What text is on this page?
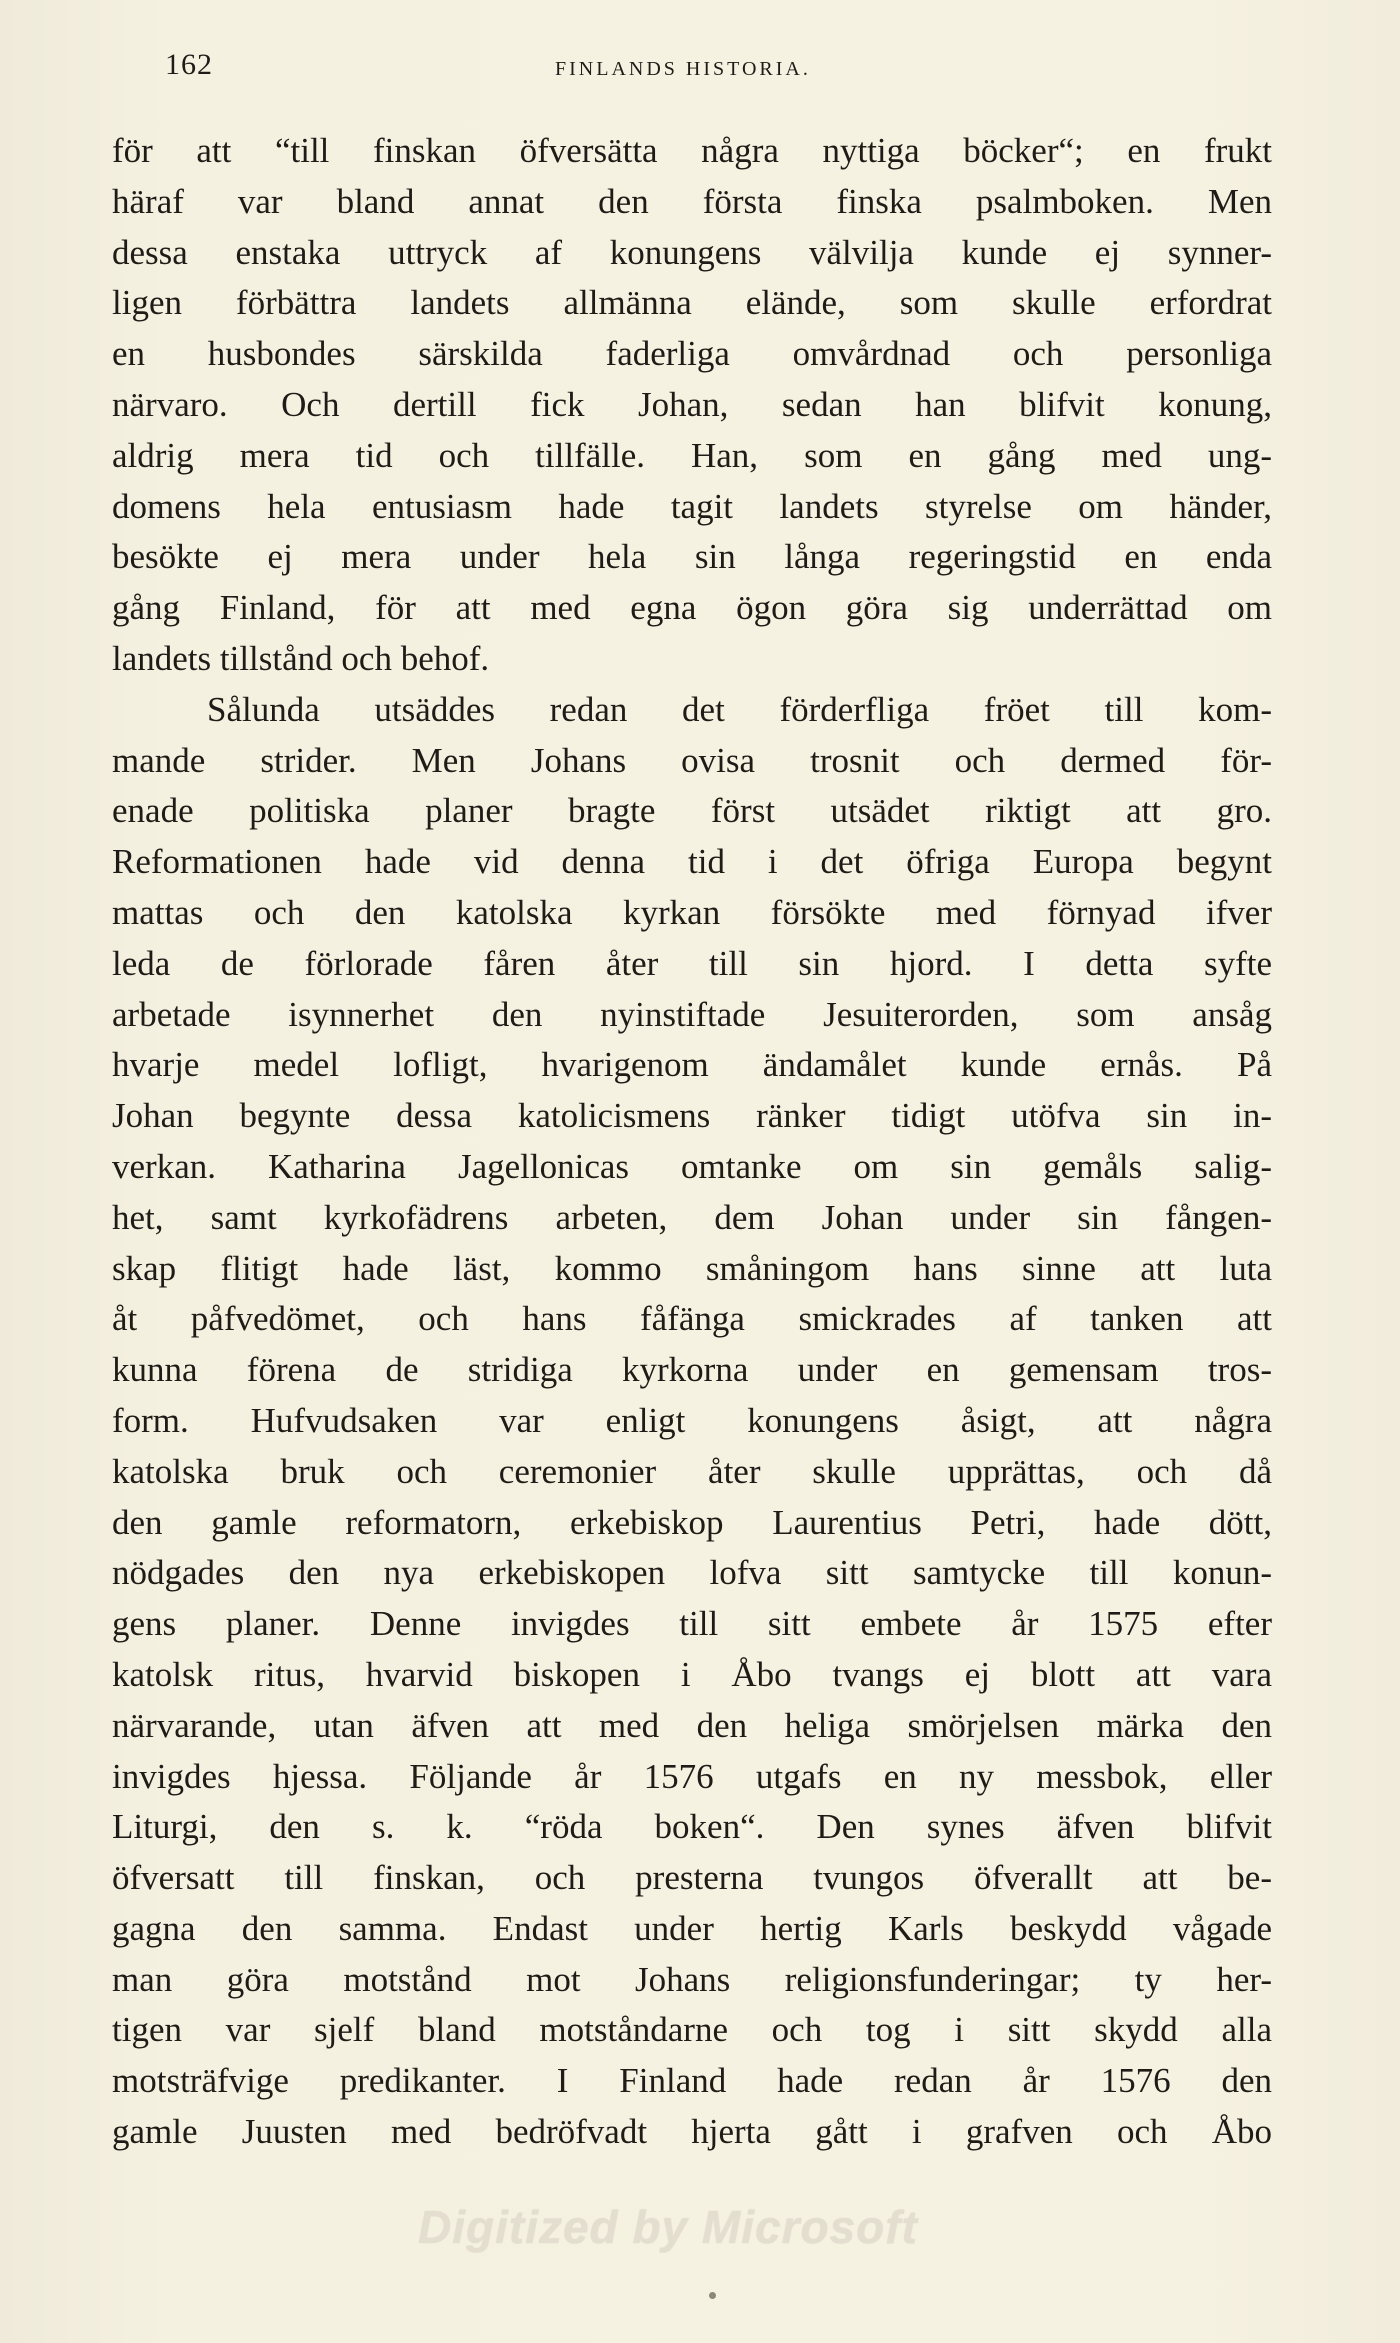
162	FINLANDS HISTORIA.
för att “till finskan öfversätta några nyttiga böcker“; en frukt
häraf var bland annat den första finska psalmboken. Men
dessa enstaka uttryck af konungens välvilja kunde ej synner-
ligen förbättra landets allmänna elände, som skulle erfordrat
en husbondes särskilda faderliga omvårdnad och personliga
närvaro. Och dertill fick Johan, sedan han blifvit konung,
aldrig mera tid och tillfälle. Han, som en gång med ung-
domens hela entusiasm hade tagit landets styrelse om händer,
besökte ej mera under hela sin långa regeringstid en enda
gång Finland, för att med egna ögon göra sig underrättad om
landets tillstånd och behof.
Sålunda utsäddes redan det förderfliga fröet till kom-
mande strider. Men Johans ovisa trosnit och dermed för-
enade politiska planer bragte först utsädet riktigt att gro.
Reformationen hade vid denna tid i det öfriga Europa begynt
mattas och den katolska kyrkan försökte med förnyad ifver
leda de förlorade fåren åter till sin hjord. I detta syfte
arbetade isynnerhet den nyinstiftade Jesuiterorden, som ansåg
hvarje medel lofligt, hvarigenom ändamålet kunde ernås. På
Johan begynte dessa katolicismens ränker tidigt utöfva sin in-
verkan. Katharina Jagellonicas omtanke om sin gemåls salig-
het, samt kyrkofädrens arbeten, dem Johan under sin fången-
skap flitigt hade läst, kommo småningom hans sinne att luta
åt påfvedömet, och hans fåfänga smickrades af tanken att
kunna förena de stridiga kyrkorna under en gemensam tros-
form. Hufvudsaken var enligt konungens åsigt, att några
katolska bruk och ceremonier åter skulle upprättas, och då
den gamle reformatorn, erkebiskop Laurentius Petri, hade dött,
nödgades den nya erkebiskopen lofva sitt samtycke till konun-
gens planer. Denne invigdes till sitt embete år 1575 efter
katolsk ritus, hvarvid biskopen i Åbo tvangs ej blott att vara
närvarande, utan äfven att med den heliga smörjelsen märka den
invigdes hjessa. Följande år 1576 utgafs en ny messbok, eller
Liturgi, den s. k. “röda boken“. Den synes äfven blifvit
öfversatt till finskan, och presterna tvungos öfverallt att be-
gagna den samma. Endast under hertig Karls beskydd vågade
man göra motstånd mot Johans religionsfunderingar; ty her-
tigen var sjelf bland motståndarne och tog i sitt skydd alla
motsträfvige predikanter. I Finland hade redan år 1576 den
gamle Juusten med bedröfvadt hjerta gått i grafven och Åbo
Digitized by Microsoft
